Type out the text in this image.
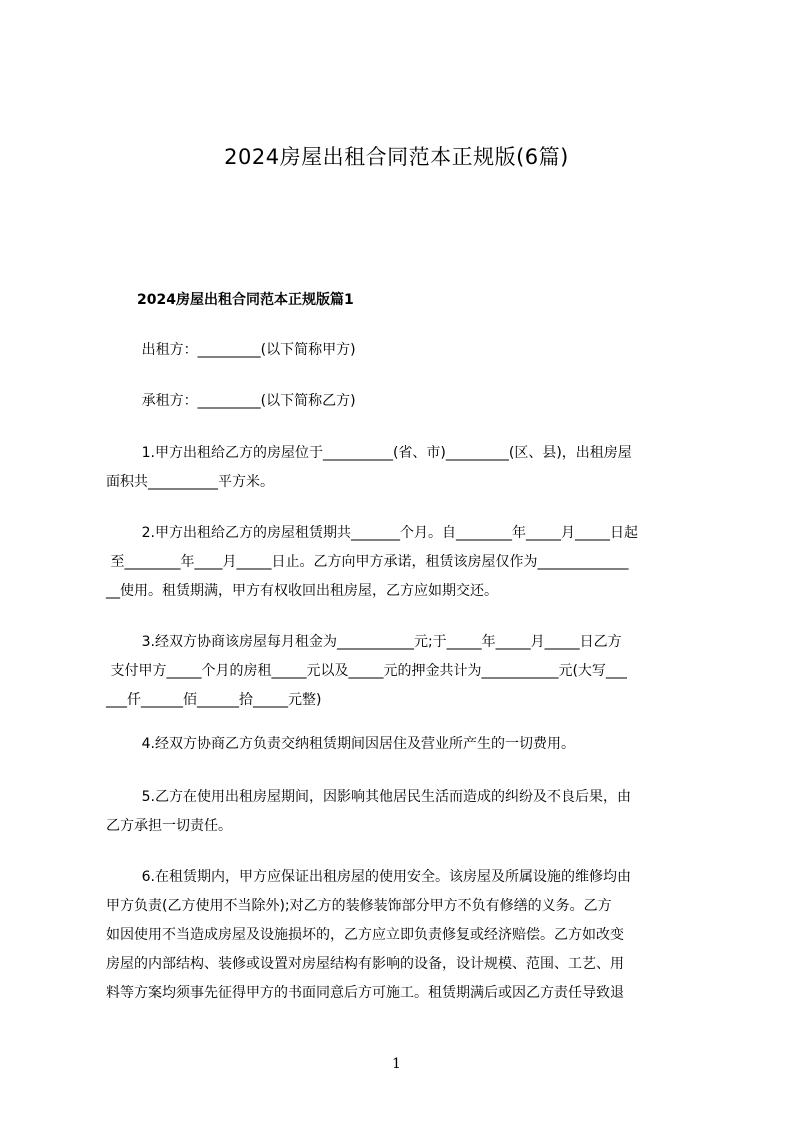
2024房屋出租合同范本正规版(6篇)
2024房屋出租合同范本正规版篇1
出租方：_________(以下简称甲方)
承租方：_________(以下简称乙方)
1.甲方出租给乙方的房屋位于__________(省、市)_________(区、县)，出租房屋
面积共__________平方米。
2.甲方出租给乙方的房屋租赁期共_______个月。自________年_____月_____日起
至________年____月_____日止。乙方向甲方承诺，租赁该房屋仅作为_____________
__使用。租赁期满，甲方有权收回出租房屋，乙方应如期交还。
3.经双方协商该房屋每月租金为___________元;于_____年_____月_____日乙方
支付甲方_____个月的房租_____元以及_____元的押金共计为___________元(大写___
___仟______佰______拾_____元整)
4.经双方协商乙方负责交纳租赁期间因居住及营业所产生的一切费用。
5.乙方在使用出租房屋期间，因影响其他居民生活而造成的纠纷及不良后果，由
乙方承担一切责任。
6.在租赁期内，甲方应保证出租房屋的使用安全。该房屋及所属设施的维修均由
甲方负责(乙方使用不当除外);对乙方的装修装饰部分甲方不负有修缮的义务。乙方
如因使用不当造成房屋及设施损坏的，乙方应立即负责修复或经济赔偿。乙方如改变
房屋的内部结构、装修或设置对房屋结构有影响的设备，设计规模、范围、工艺、用
料等方案均须事先征得甲方的书面同意后方可施工。租赁期满后或因乙方责任导致退
1
